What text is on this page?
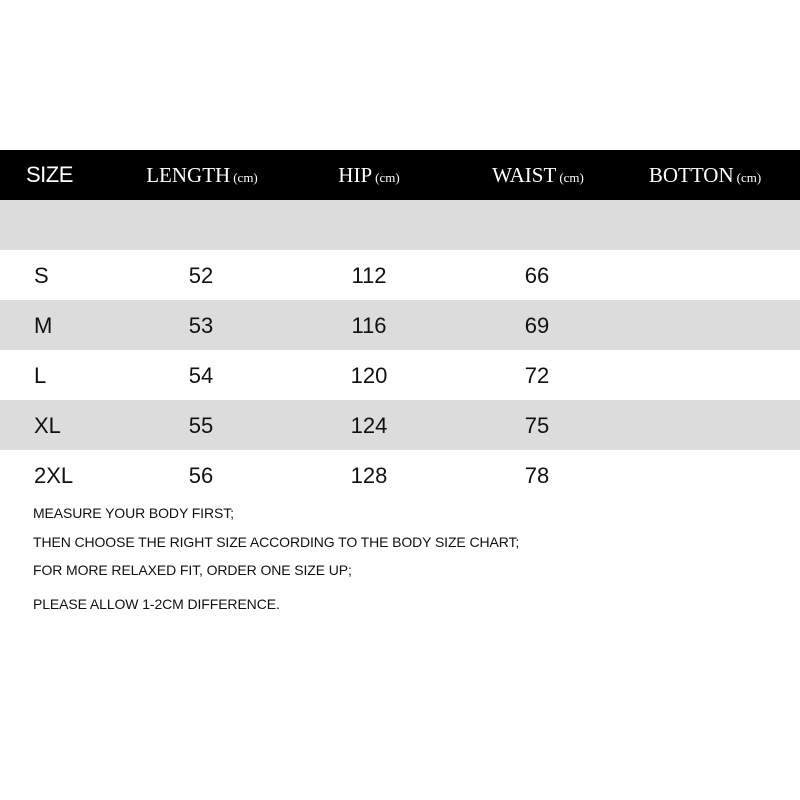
SIZE	LENGTH (cm)	HIP (cm)	WAIST (cm)	BOTTON (cm)
S	52	112	66
M	53	116	69
L	54	120	72
XL	55	124	75
2XL	56	128	78
MEASURE YOUR BODY FIRST;
THEN CHOOSE THE RIGHT SIZE ACCORDING TO THE BODY SIZE CHART;
FOR MORE RELAXED FIT, ORDER ONE SIZE UP;
PLEASE ALLOW 1-2CM DIFFERENCE.
